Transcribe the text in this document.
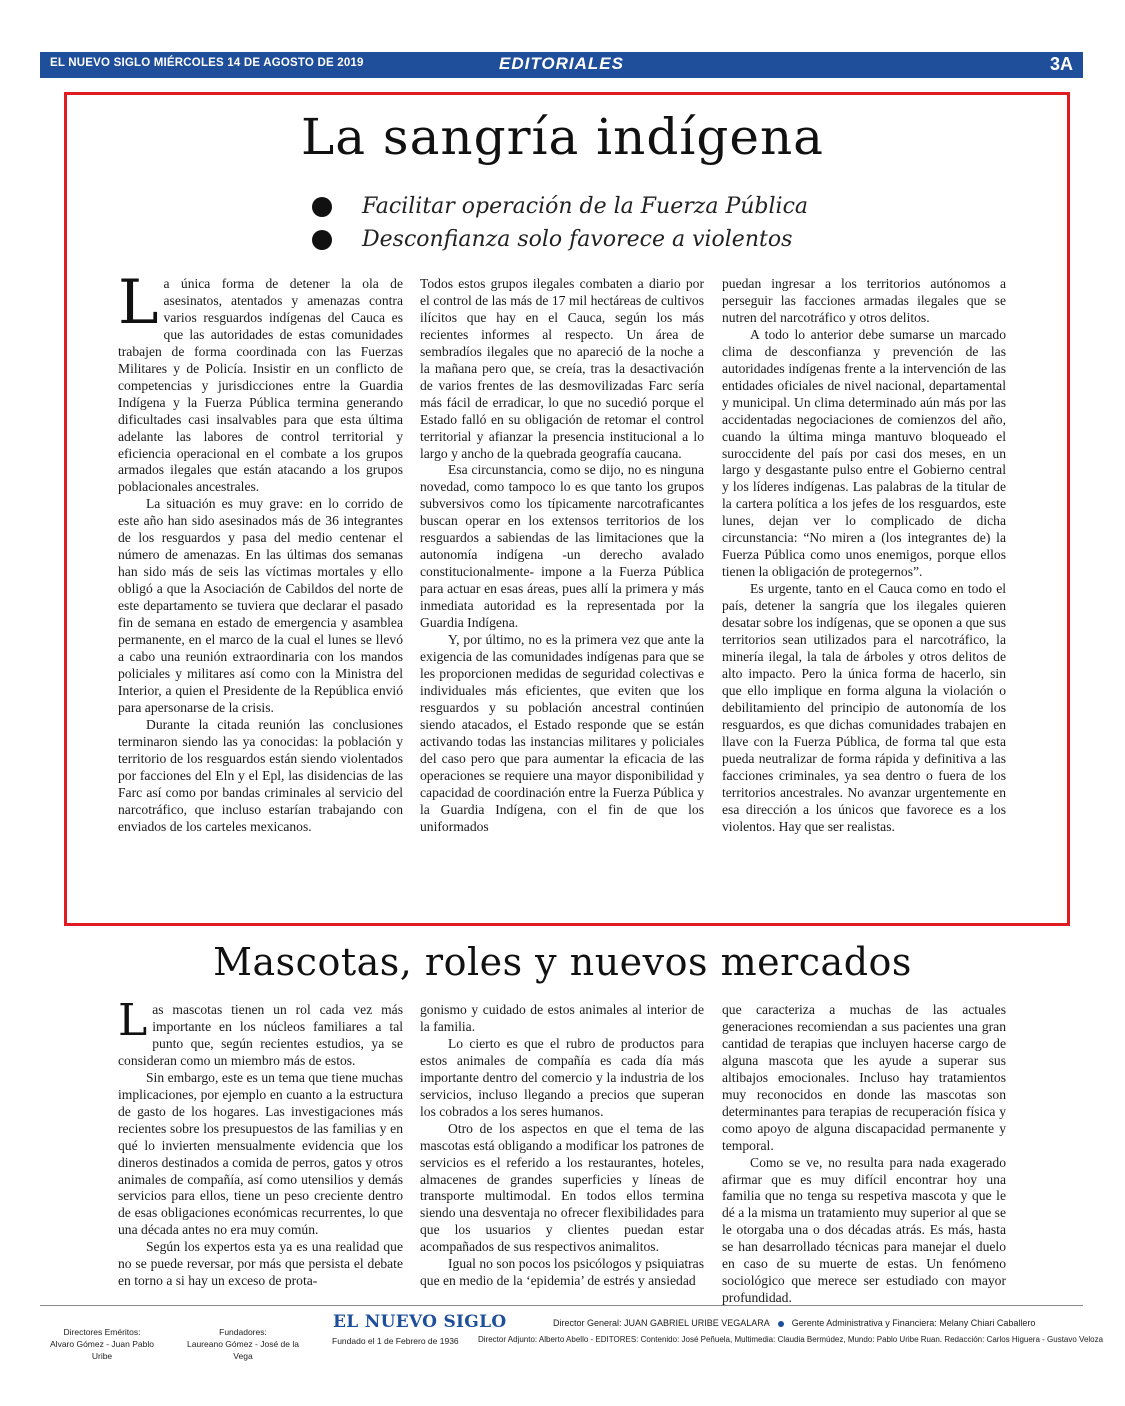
EL NUEVO SIGLO MIÉRCOLES 14 DE AGOSTO DE 2019	EDITORIALES	3A
La sangría indígena
Facilitar operación de la Fuerza Pública
Desconfianza solo favorece a violentos

La única forma de detener la ola de asesinatos, atentados y amenazas contra varios resguardos indígenas del Cauca es que las autoridades de estas comunidades trabajen de forma coordinada con las Fuerzas Militares y de Policía. Insistir en un conflicto de competencias y jurisdicciones entre la Guardia Indígena y la Fuerza Pública termina generando dificultades casi insalvables para que esta última adelante las labores de control territorial y eficiencia operacional en el combate a los grupos armados ilegales que están atacando a los grupos poblacionales ancestrales.

La situación es muy grave: en lo corrido de este año han sido asesinados más de 36 integrantes de los resguardos y pasa del medio centenar el número de amenazas. En las últimas dos semanas han sido más de seis las víctimas mortales y ello obligó a que la Asociación de Cabildos del norte de este departamento se tuviera que declarar el pasado fin de semana en estado de emergencia y asamblea permanente, en el marco de la cual el lunes se llevó a cabo una reunión extraordinaria con los mandos policiales y militares así como con la Ministra del Interior, a quien el Presidente de la República envió para apersonarse de la crisis.

Durante la citada reunión las conclusiones terminaron siendo las ya conocidas: la población y territorio de los resguardos están siendo violentados por facciones del Eln y el Epl, las disidencias de las Farc así como por bandas criminales al servicio del narcotráfico, que incluso estarían trabajando con enviados de los carteles mexicanos.

Todos estos grupos ilegales combaten a diario por el control de las más de 17 mil hectáreas de cultivos ilícitos que hay en el Cauca, según los más recientes informes al respecto. Un área de sembradíos ilegales que no apareció de la noche a la mañana pero que, se creía, tras la desactivación de varios frentes de las desmovilizadas Farc sería más fácil de erradicar, lo que no sucedió porque el Estado falló en su obligación de retomar el control territorial y afianzar la presencia institucional a lo largo y ancho de la quebrada geografía caucana.

Esa circunstancia, como se dijo, no es ninguna novedad, como tampoco lo es que tanto los grupos subversivos como los típicamente narcotraficantes buscan operar en los extensos territorios de los resguardos a sabiendas de las limitaciones que la autonomía indígena -un derecho avalado constitucionalmente- impone a la Fuerza Pública para actuar en esas áreas, pues allí la primera y más inmediata autoridad es la representada por la Guardia Indígena.

Y, por último, no es la primera vez que ante la exigencia de las comunidades indígenas para que se les proporcionen medidas de seguridad colectivas e individuales más eficientes, que eviten que los resguardos y su población ancestral continúen siendo atacados, el Estado responde que se están activando todas las instancias militares y policiales del caso pero que para aumentar la eficacia de las operaciones se requiere una mayor disponibilidad y capacidad de coordinación entre la Fuerza Pública y la Guardia Indígena, con el fin de que los uniformados

puedan ingresar a los territorios autónomos a perseguir las facciones armadas ilegales que se nutren del narcotráfico y otros delitos.

A todo lo anterior debe sumarse un marcado clima de desconfianza y prevención de las autoridades indígenas frente a la intervención de las entidades oficiales de nivel nacional, departamental y municipal. Un clima determinado aún más por las accidentadas negociaciones de comienzos del año, cuando la última minga mantuvo bloqueado el suroccidente del país por casi dos meses, en un largo y desgastante pulso entre el Gobierno central y los líderes indígenas. Las palabras de la titular de la cartera política a los jefes de los resguardos, este lunes, dejan ver lo complicado de dicha circunstancia: “No miren a (los integrantes de) la Fuerza Pública como unos enemigos, porque ellos tienen la obligación de protegernos”.

Es urgente, tanto en el Cauca como en todo el país, detener la sangría que los ilegales quieren desatar sobre los indígenas, que se oponen a que sus territorios sean utilizados para el narcotráfico, la minería ilegal, la tala de árboles y otros delitos de alto impacto. Pero la única forma de hacerlo, sin que ello implique en forma alguna la violación o debilitamiento del principio de autonomía de los resguardos, es que dichas comunidades trabajen en llave con la Fuerza Pública, de forma tal que esta pueda neutralizar de forma rápida y definitiva a las facciones criminales, ya sea dentro o fuera de los territorios ancestrales. No avanzar urgentemente en esa dirección a los únicos que favorece es a los violentos. Hay que ser realistas.

Mascotas, roles y nuevos mercados

Las mascotas tienen un rol cada vez más importante en los núcleos familiares a tal punto que, según recientes estudios, ya se consideran como un miembro más de estos.

Sin embargo, este es un tema que tiene muchas implicaciones, por ejemplo en cuanto a la estructura de gasto de los hogares. Las investigaciones más recientes sobre los presupuestos de las familias y en qué lo invierten mensualmente evidencia que los dineros destinados a comida de perros, gatos y otros animales de compañía, así como utensilios y demás servicios para ellos, tiene un peso creciente dentro de esas obligaciones económicas recurrentes, lo que una década antes no era muy común.

Según los expertos esta ya es una realidad que no se puede reversar, por más que persista el debate en torno a si hay un exceso de prota-

gonismo y cuidado de estos animales al interior de la familia.

Lo cierto es que el rubro de productos para estos animales de compañía es cada día más importante dentro del comercio y la industria de los servicios, incluso llegando a precios que superan los cobrados a los seres humanos.

Otro de los aspectos en que el tema de las mascotas está obligando a modificar los patrones de servicios es el referido a los restaurantes, hoteles, almacenes de grandes superficies y líneas de transporte multimodal. En todos ellos termina siendo una desventaja no ofrecer flexibilidades para que los usuarios y clientes puedan estar acompañados de sus respectivos animalitos.

Igual no son pocos los psicólogos y psiquiatras que en medio de la ‘epidemia’ de estrés y ansiedad

que caracteriza a muchas de las actuales generaciones recomiendan a sus pacientes una gran cantidad de terapias que incluyen hacerse cargo de alguna mascota que les ayude a superar sus altibajos emocionales. Incluso hay tratamientos muy reconocidos en donde las mascotas son determinantes para terapias de recuperación física y como apoyo de alguna discapacidad permanente y temporal.

Como se ve, no resulta para nada exagerado afirmar que es muy difícil encontrar hoy una familia que no tenga su respetiva mascota y que le dé a la misma un tratamiento muy superior al que se le otorgaba una o dos décadas atrás. Es más, hasta se han desarrollado técnicas para manejar el duelo en caso de su muerte de estas. Un fenómeno sociológico que merece ser estudiado con mayor profundidad.

Directores Eméritos:
Alvaro Gómez - Juan Pablo Uribe
Fundadores:
Laureano Gómez - José de la Vega
EL NUEVO SIGLO
Fundado el 1 de Febrero de 1936
Director General: JUAN GABRIEL URIBE VEGALARA Gerente Administrativa y Financiera: Melany Chiari Caballero
Director Adjunto: Alberto Abello - EDITORES: Contenido: José Peñuela, Multimedia: Claudia Bermúdez, Mundo: Pablo Uribe Ruan. Redacción: Carlos Higuera - Gustavo Veloza
